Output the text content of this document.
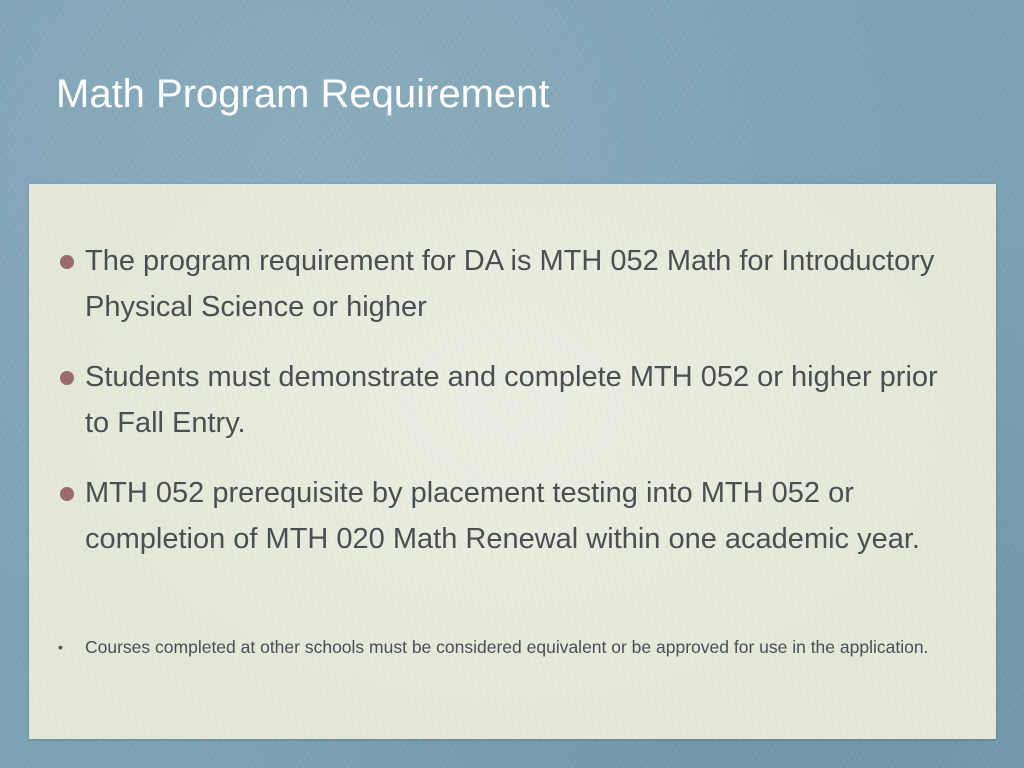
Math Program Requirement
The program requirement for DA is MTH 052 Math for Introductory Physical Science or higher
Students must demonstrate and complete MTH 052 or higher prior to Fall Entry.
MTH 052 prerequisite by placement testing into MTH 052 or completion of MTH 020 Math Renewal within one academic year.
• Courses completed at other schools must be considered equivalent or be approved for use in the application.
